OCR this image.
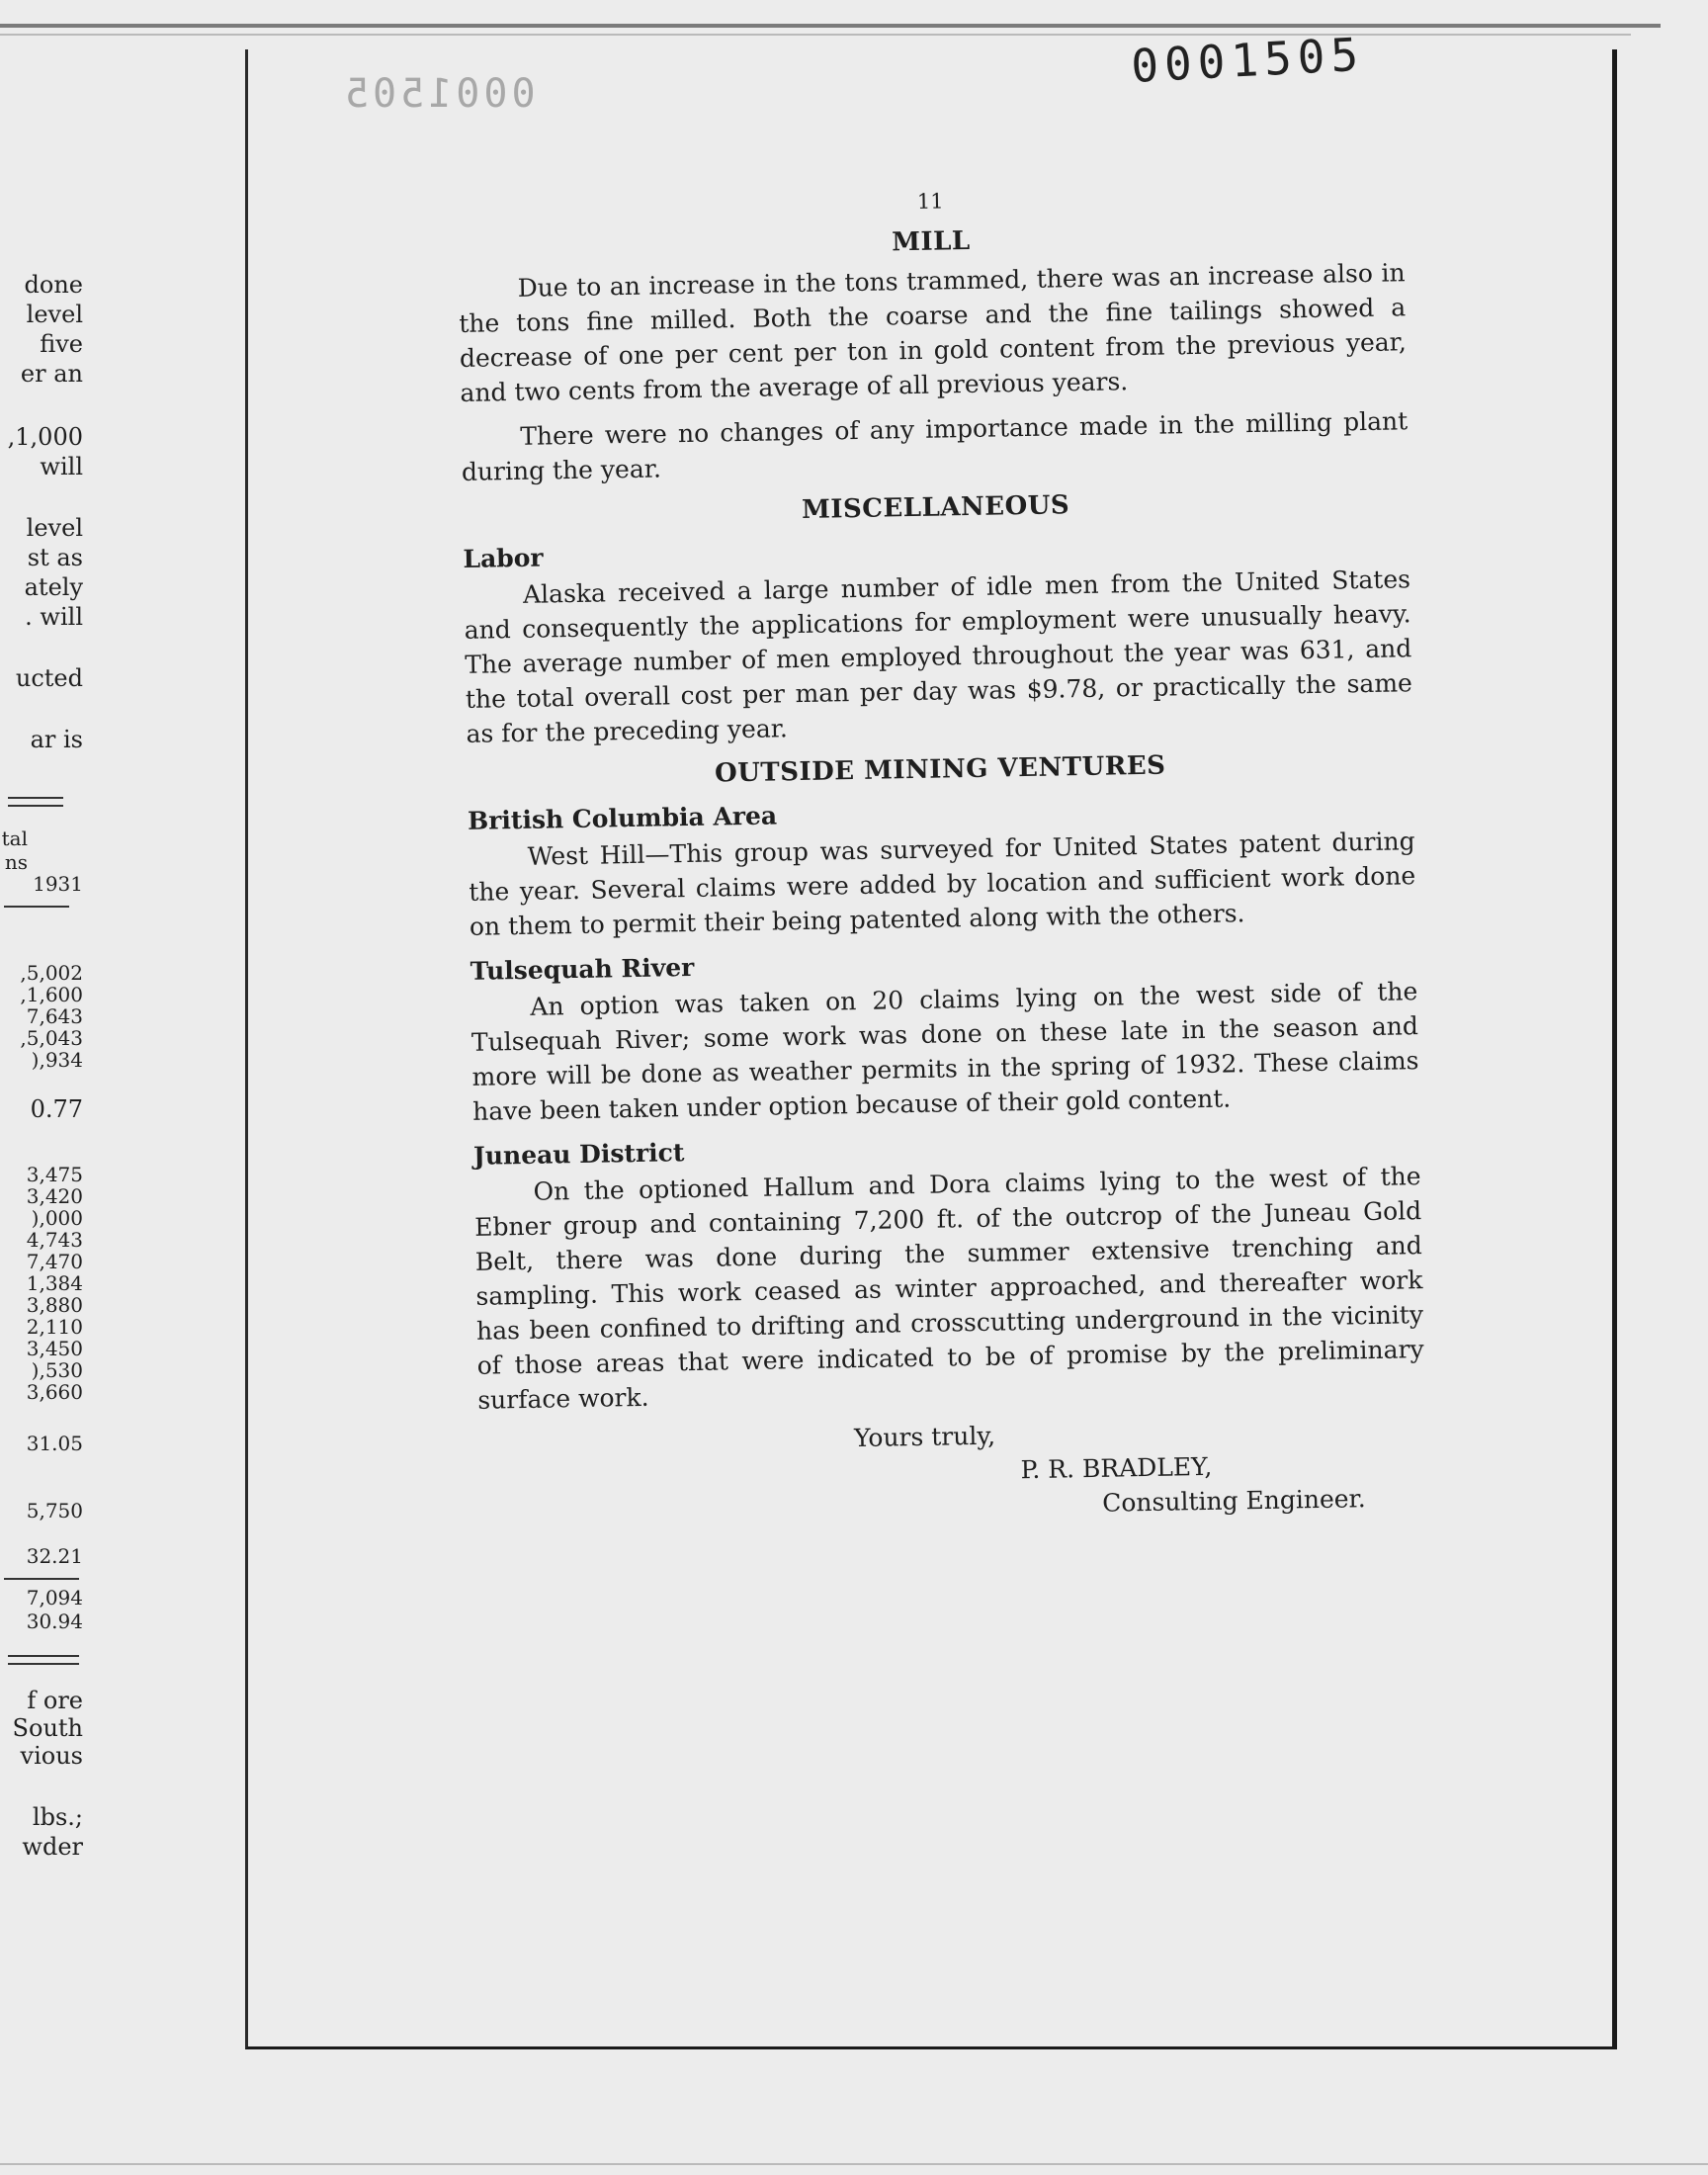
done
level
five
er an
,1,000
will
level
st as
ately
. will
ucted
ar is
tal
ns
1931
,5,002
,1,600
7,643
,5,043
),934
0.77
3,475
3,420
),000
4,743
7,470
1,384
3,880
2,110
3,450
),530
3,660
31.05
5,750
32.21
7,094
30.94
f ore
South
vious
lbs.;
wder
0001505
0001505
11
MILL

Due to an increase in the tons trammed, there was an increase also in the tons fine milled. Both the coarse and the fine tailings showed a decrease of one per cent per ton in gold content from the previous year, and two cents from the average of all previous years.

There were no changes of any importance made in the milling plant during the year.

MISCELLANEOUS
Labor

Alaska received a large number of idle men from the United States and consequently the applications for employment were unusually heavy. The average number of men employed throughout the year was 631, and the total overall cost per man per day was $9.78, or practically the same as for the preceding year.

OUTSIDE MINING VENTURES
British Columbia Area

West Hill—This group was surveyed for United States patent during the year. Several claims were added by location and sufficient work done on them to permit their being patented along with the others.

Tulsequah River

An option was taken on 20 claims lying on the west side of the Tulsequah River; some work was done on these late in the season and more will be done as weather permits in the spring of 1932. These claims have been taken under option because of their gold content.

Juneau District

On the optioned Hallum and Dora claims lying to the west of the Ebner group and containing 7,200 ft. of the outcrop of the Juneau Gold Belt, there was done during the summer extensive trenching and sampling. This work ceased as winter approached, and thereafter work has been confined to drifting and crosscutting underground in the vicinity of those areas that were indicated to be of promise by the preliminary surface work.

Yours truly,
P. R. BRADLEY,
Consulting Engineer.
